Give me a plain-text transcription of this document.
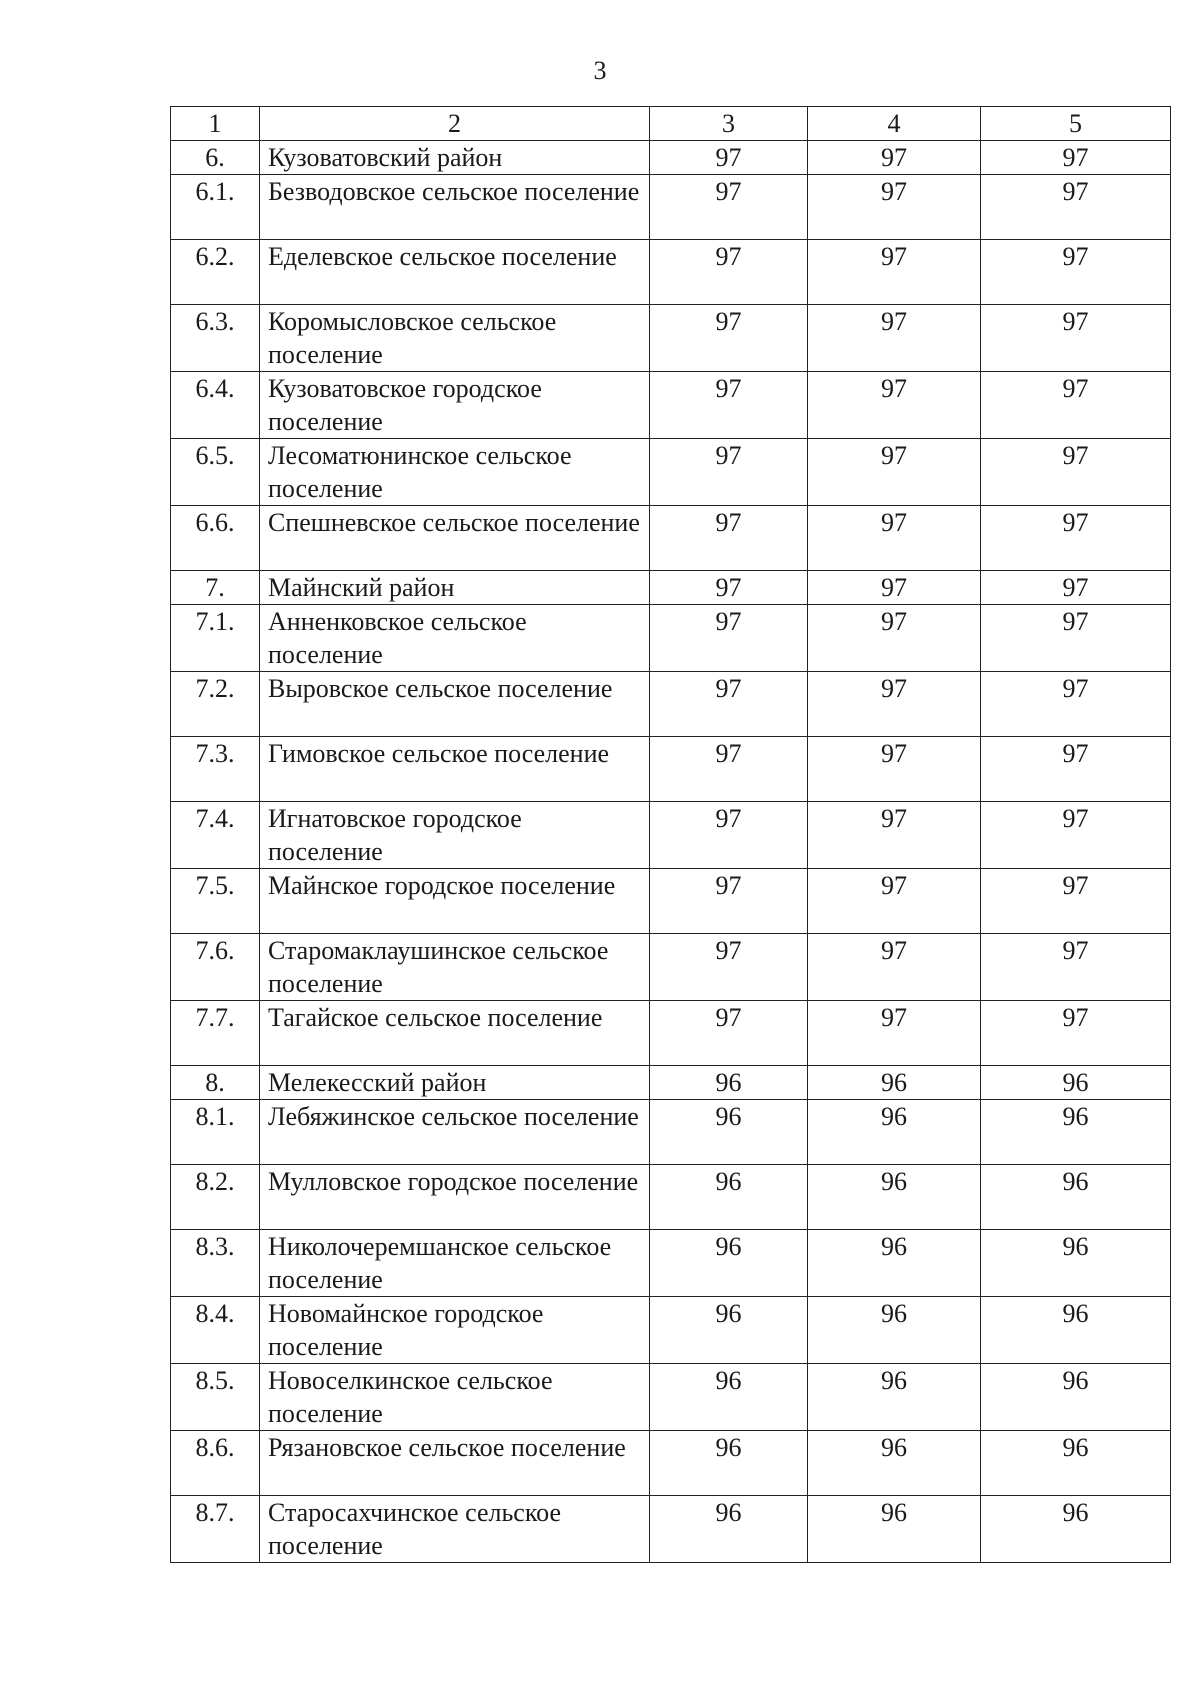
3
1	2	3	4	5
6.	Кузоватовский район	97	97	97
6.1.	Безводовское сельское поселение	97	97	97
6.2.	Еделевское сельское поселение	97	97	97
6.3.	Коромысловское сельское поселение	97	97	97
6.4.	Кузоватовское городское поселение	97	97	97
6.5.	Лесоматюнинское сельское поселение	97	97	97
6.6.	Спешневское сельское поселение	97	97	97
7.	Майнский район	97	97	97
7.1.	Анненковское сельское поселение	97	97	97
7.2.	Выровское сельское поселение	97	97	97
7.3.	Гимовское сельское поселение	97	97	97
7.4.	Игнатовское городское поселение	97	97	97
7.5.	Майнское городское поселение	97	97	97
7.6.	Старомаклаушинское сельское поселение	97	97	97
7.7.	Тагайское сельское поселение	97	97	97
8.	Мелекесский район	96	96	96
8.1.	Лебяжинское сельское поселение	96	96	96
8.2.	Мулловское городское поселение	96	96	96
8.3.	Николочеремшанское сельское поселение	96	96	96
8.4.	Новомайнское городское поселение	96	96	96
8.5.	Новоселкинское сельское поселение	96	96	96
8.6.	Рязановское сельское поселение	96	96	96
8.7.	Старосахчинское сельское поселение	96	96	96
